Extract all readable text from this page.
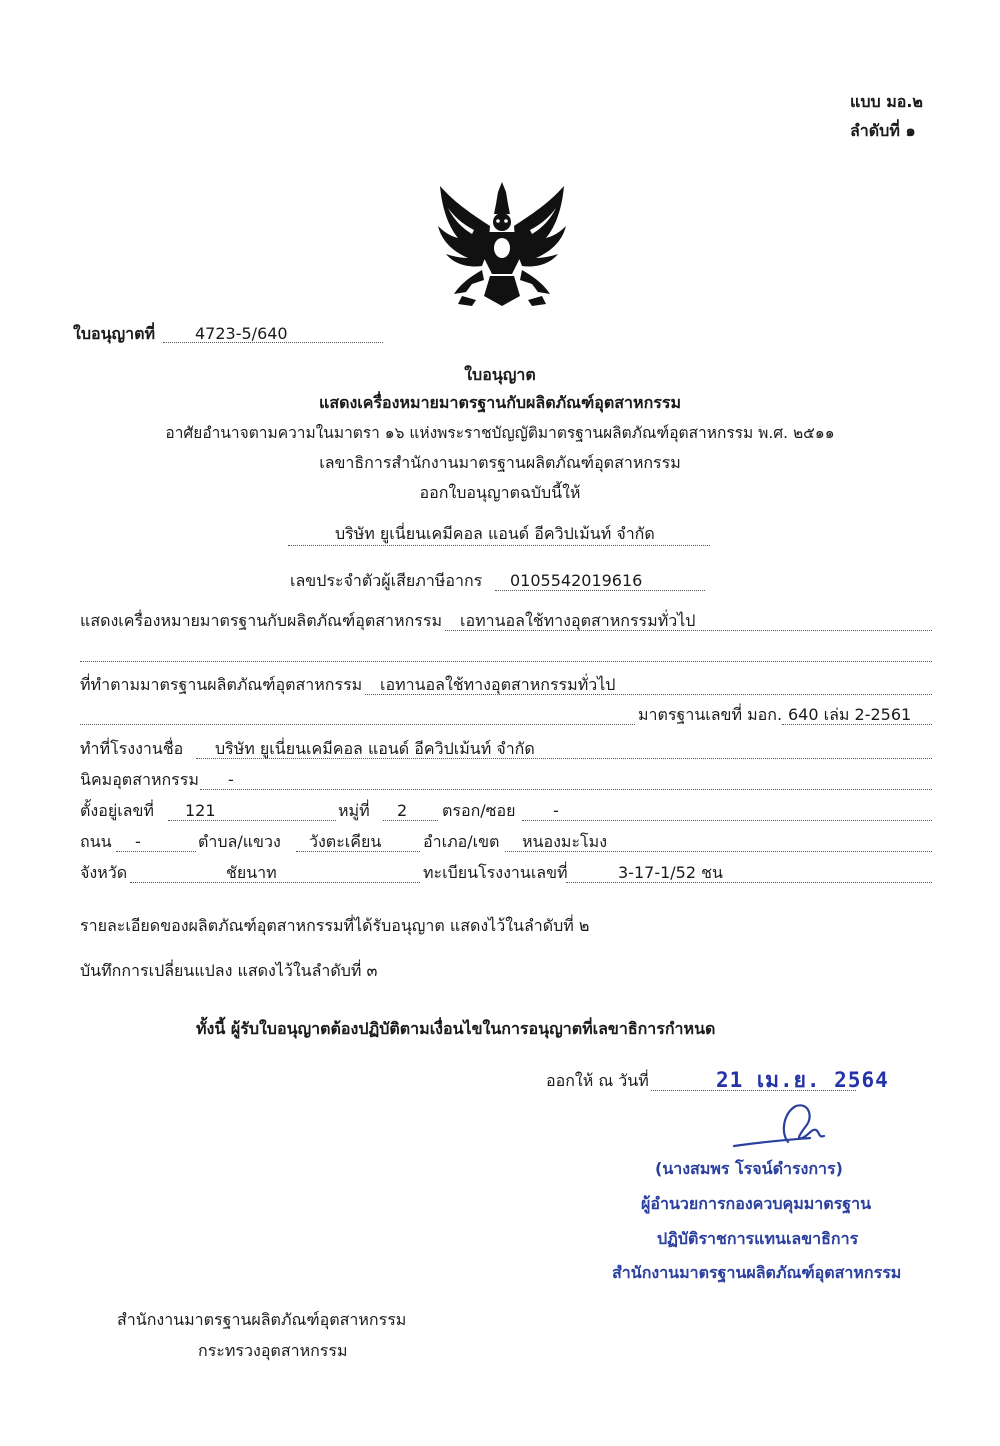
แบบ มอ.๒
ลำดับที่ ๑
ใบอนุญาตที่ 4723-5/640
ใบอนุญาต
แสดงเครื่องหมายมาตรฐานกับผลิตภัณฑ์อุตสาหกรรม
อาศัยอำนาจตามความในมาตรา ๑๖ แห่งพระราชบัญญัติมาตรฐานผลิตภัณฑ์อุตสาหกรรม พ.ศ. ๒๕๑๑
เลขาธิการสำนักงานมาตรฐานผลิตภัณฑ์อุตสาหกรรม
ออกใบอนุญาตฉบับนี้ให้
บริษัท ยูเนี่ยนเคมีคอล แอนด์ อีควิปเม้นท์ จำกัด
เลขประจำตัวผู้เสียภาษีอากร 0105542019616
แสดงเครื่องหมายมาตรฐานกับผลิตภัณฑ์อุตสาหกรรม เอทานอลใช้ทางอุตสาหกรรมทั่วไป
ที่ทำตามมาตรฐานผลิตภัณฑ์อุตสาหกรรม เอทานอลใช้ทางอุตสาหกรรมทั่วไป
มาตรฐานเลขที่ มอก. 640 เล่ม 2-2561
ทำที่โรงงานชื่อ บริษัท ยูเนี่ยนเคมีคอล แอนด์ อีควิปเม้นท์ จำกัด
นิคมอุตสาหกรรม -
ตั้งอยู่เลขที่ 121	หมู่ที่ 2 ตรอก/ซอย -
ถนน -	ตำบล/แขวง วังตะเคียน	อำเภอ/เขต หนองมะโมง
จังหวัด	ชัยนาท	ทะเบียนโรงงานเลขที่	3-17-1/52 ชน
รายละเอียดของผลิตภัณฑ์อุตสาหกรรมที่ได้รับอนุญาต แสดงไว้ในลำดับที่ ๒
บันทึกการเปลี่ยนแปลง แสดงไว้ในลำดับที่ ๓
ทั้งนี้ ผู้รับใบอนุญาตต้องปฏิบัติตามเงื่อนไขในการอนุญาตที่เลขาธิการกำหนด
ออกให้ ณ วันที่	21 เม.ย. 2564
(นางสมพร โรจน์ดำรงการ)
ผู้อำนวยการกองควบคุมมาตรฐาน
ปฏิบัติราชการแทนเลขาธิการ
สำนักงานมาตรฐานผลิตภัณฑ์อุตสาหกรรม
สำนักงานมาตรฐานผลิตภัณฑ์อุตสาหกรรม
กระทรวงอุตสาหกรรม
